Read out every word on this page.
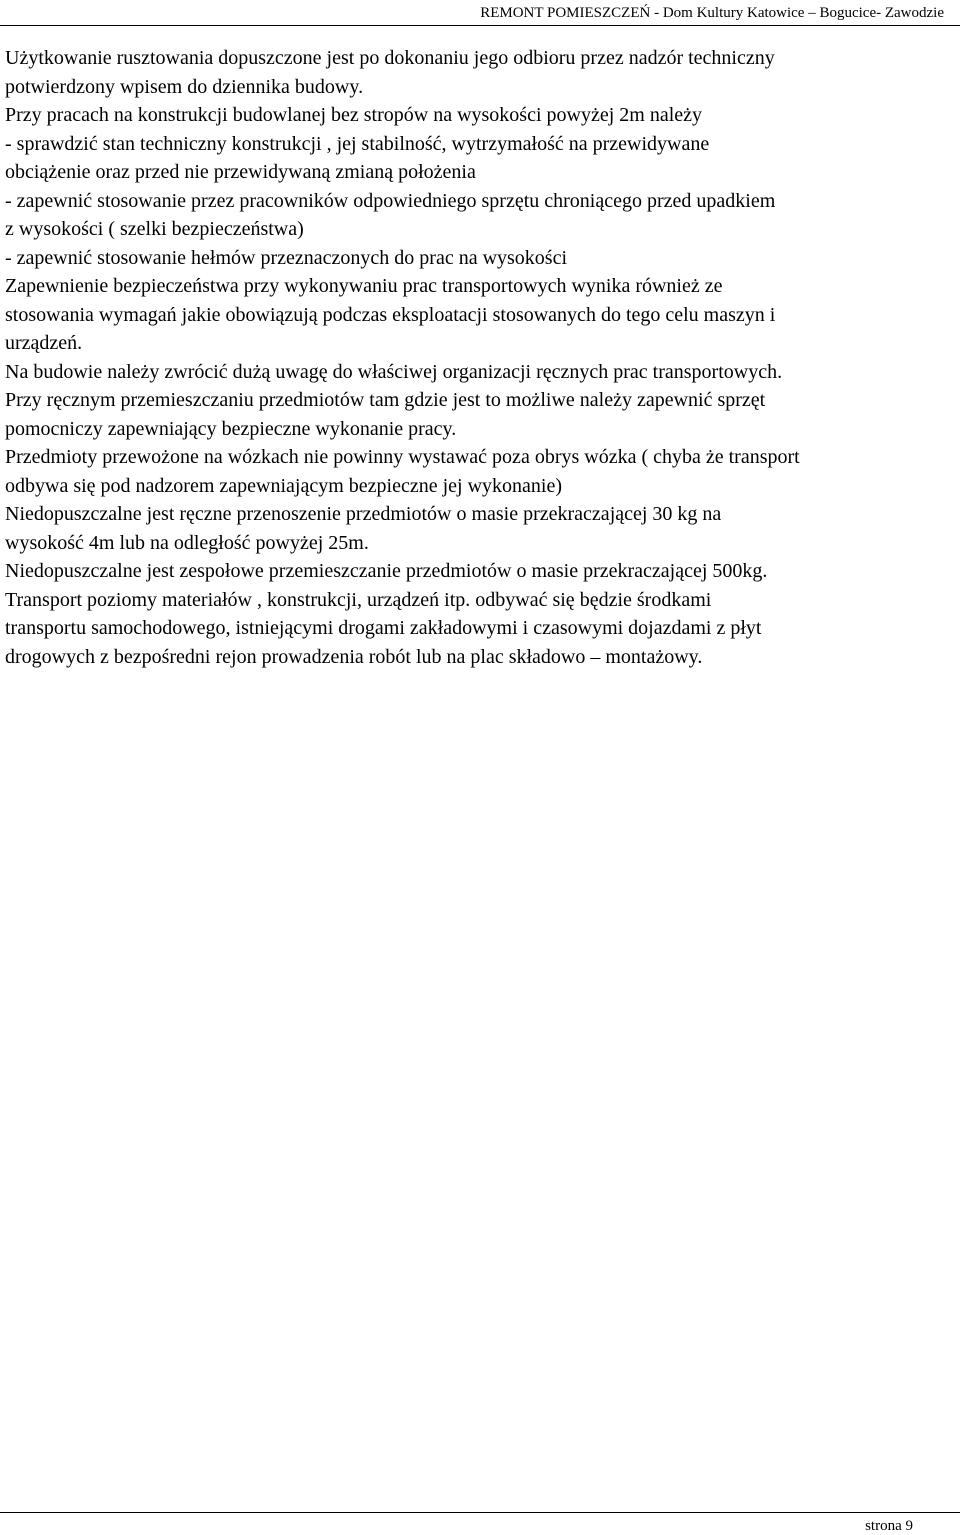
REMONT POMIESZCZEŃ - Dom Kultury Katowice – Bogucice- Zawodzie
Użytkowanie rusztowania dopuszczone jest po dokonaniu jego odbioru przez nadzór techniczny
potwierdzony wpisem do dziennika budowy.
Przy pracach na konstrukcji budowlanej bez stropów na wysokości powyżej 2m należy
- sprawdzić stan techniczny konstrukcji , jej stabilność, wytrzymałość na przewidywane
obciążenie oraz przed nie przewidywaną zmianą położenia
- zapewnić stosowanie przez pracowników odpowiedniego sprzętu chroniącego przed upadkiem
z wysokości ( szelki bezpieczeństwa)
- zapewnić stosowanie hełmów przeznaczonych do prac na wysokości
Zapewnienie bezpieczeństwa przy wykonywaniu prac transportowych wynika również ze
stosowania wymagań jakie obowiązują podczas eksploatacji stosowanych do tego celu maszyn i
urządzeń.
Na budowie należy zwrócić dużą uwagę do właściwej organizacji ręcznych prac transportowych.
Przy ręcznym przemieszczaniu przedmiotów tam gdzie jest to możliwe należy zapewnić sprzęt
pomocniczy zapewniający bezpieczne wykonanie pracy.
Przedmioty przewożone na wózkach nie powinny wystawać poza obrys wózka ( chyba że transport
odbywa się pod nadzorem zapewniającym bezpieczne jej wykonanie)
Niedopuszczalne jest ręczne przenoszenie przedmiotów o masie przekraczającej 30 kg na
wysokość 4m lub na odległość powyżej 25m.
Niedopuszczalne jest zespołowe przemieszczanie przedmiotów o masie przekraczającej 500kg.
Transport poziomy materiałów , konstrukcji, urządzeń itp. odbywać się będzie środkami
transportu samochodowego, istniejącymi drogami zakładowymi i czasowymi dojazdami z płyt
drogowych z bezpośredni rejon prowadzenia robót lub na plac składowo – montażowy.
strona 9
